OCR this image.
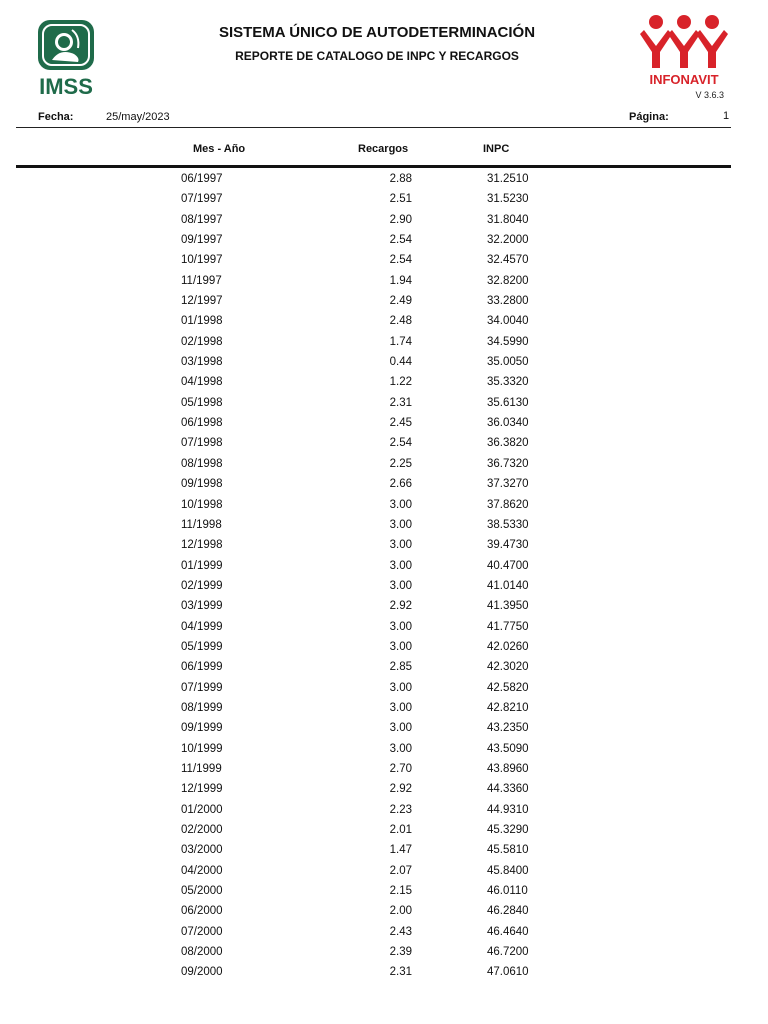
IMSS	INFONAVIT
SISTEMA ÚNICO DE AUTODETERMINACIÓN
REPORTE DE CATALOGO DE INPC Y RECARGOS
V 3.6.3
Fecha:	25/may/2023	Página:	1
Mes - Año	Recargos	INPC
06/1997	2.88	31.2510
07/1997	2.51	31.5230
08/1997	2.90	31.8040
09/1997	2.54	32.2000
10/1997	2.54	32.4570
11/1997	1.94	32.8200
12/1997	2.49	33.2800
01/1998	2.48	34.0040
02/1998	1.74	34.5990
03/1998	0.44	35.0050
04/1998	1.22	35.3320
05/1998	2.31	35.6130
06/1998	2.45	36.0340
07/1998	2.54	36.3820
08/1998	2.25	36.7320
09/1998	2.66	37.3270
10/1998	3.00	37.8620
11/1998	3.00	38.5330
12/1998	3.00	39.4730
01/1999	3.00	40.4700
02/1999	3.00	41.0140
03/1999	2.92	41.3950
04/1999	3.00	41.7750
05/1999	3.00	42.0260
06/1999	2.85	42.3020
07/1999	3.00	42.5820
08/1999	3.00	42.8210
09/1999	3.00	43.2350
10/1999	3.00	43.5090
11/1999	2.70	43.8960
12/1999	2.92	44.3360
01/2000	2.23	44.9310
02/2000	2.01	45.3290
03/2000	1.47	45.5810
04/2000	2.07	45.8400
05/2000	2.15	46.0110
06/2000	2.00	46.2840
07/2000	2.43	46.4640
08/2000	2.39	46.7200
09/2000	2.31	47.0610
